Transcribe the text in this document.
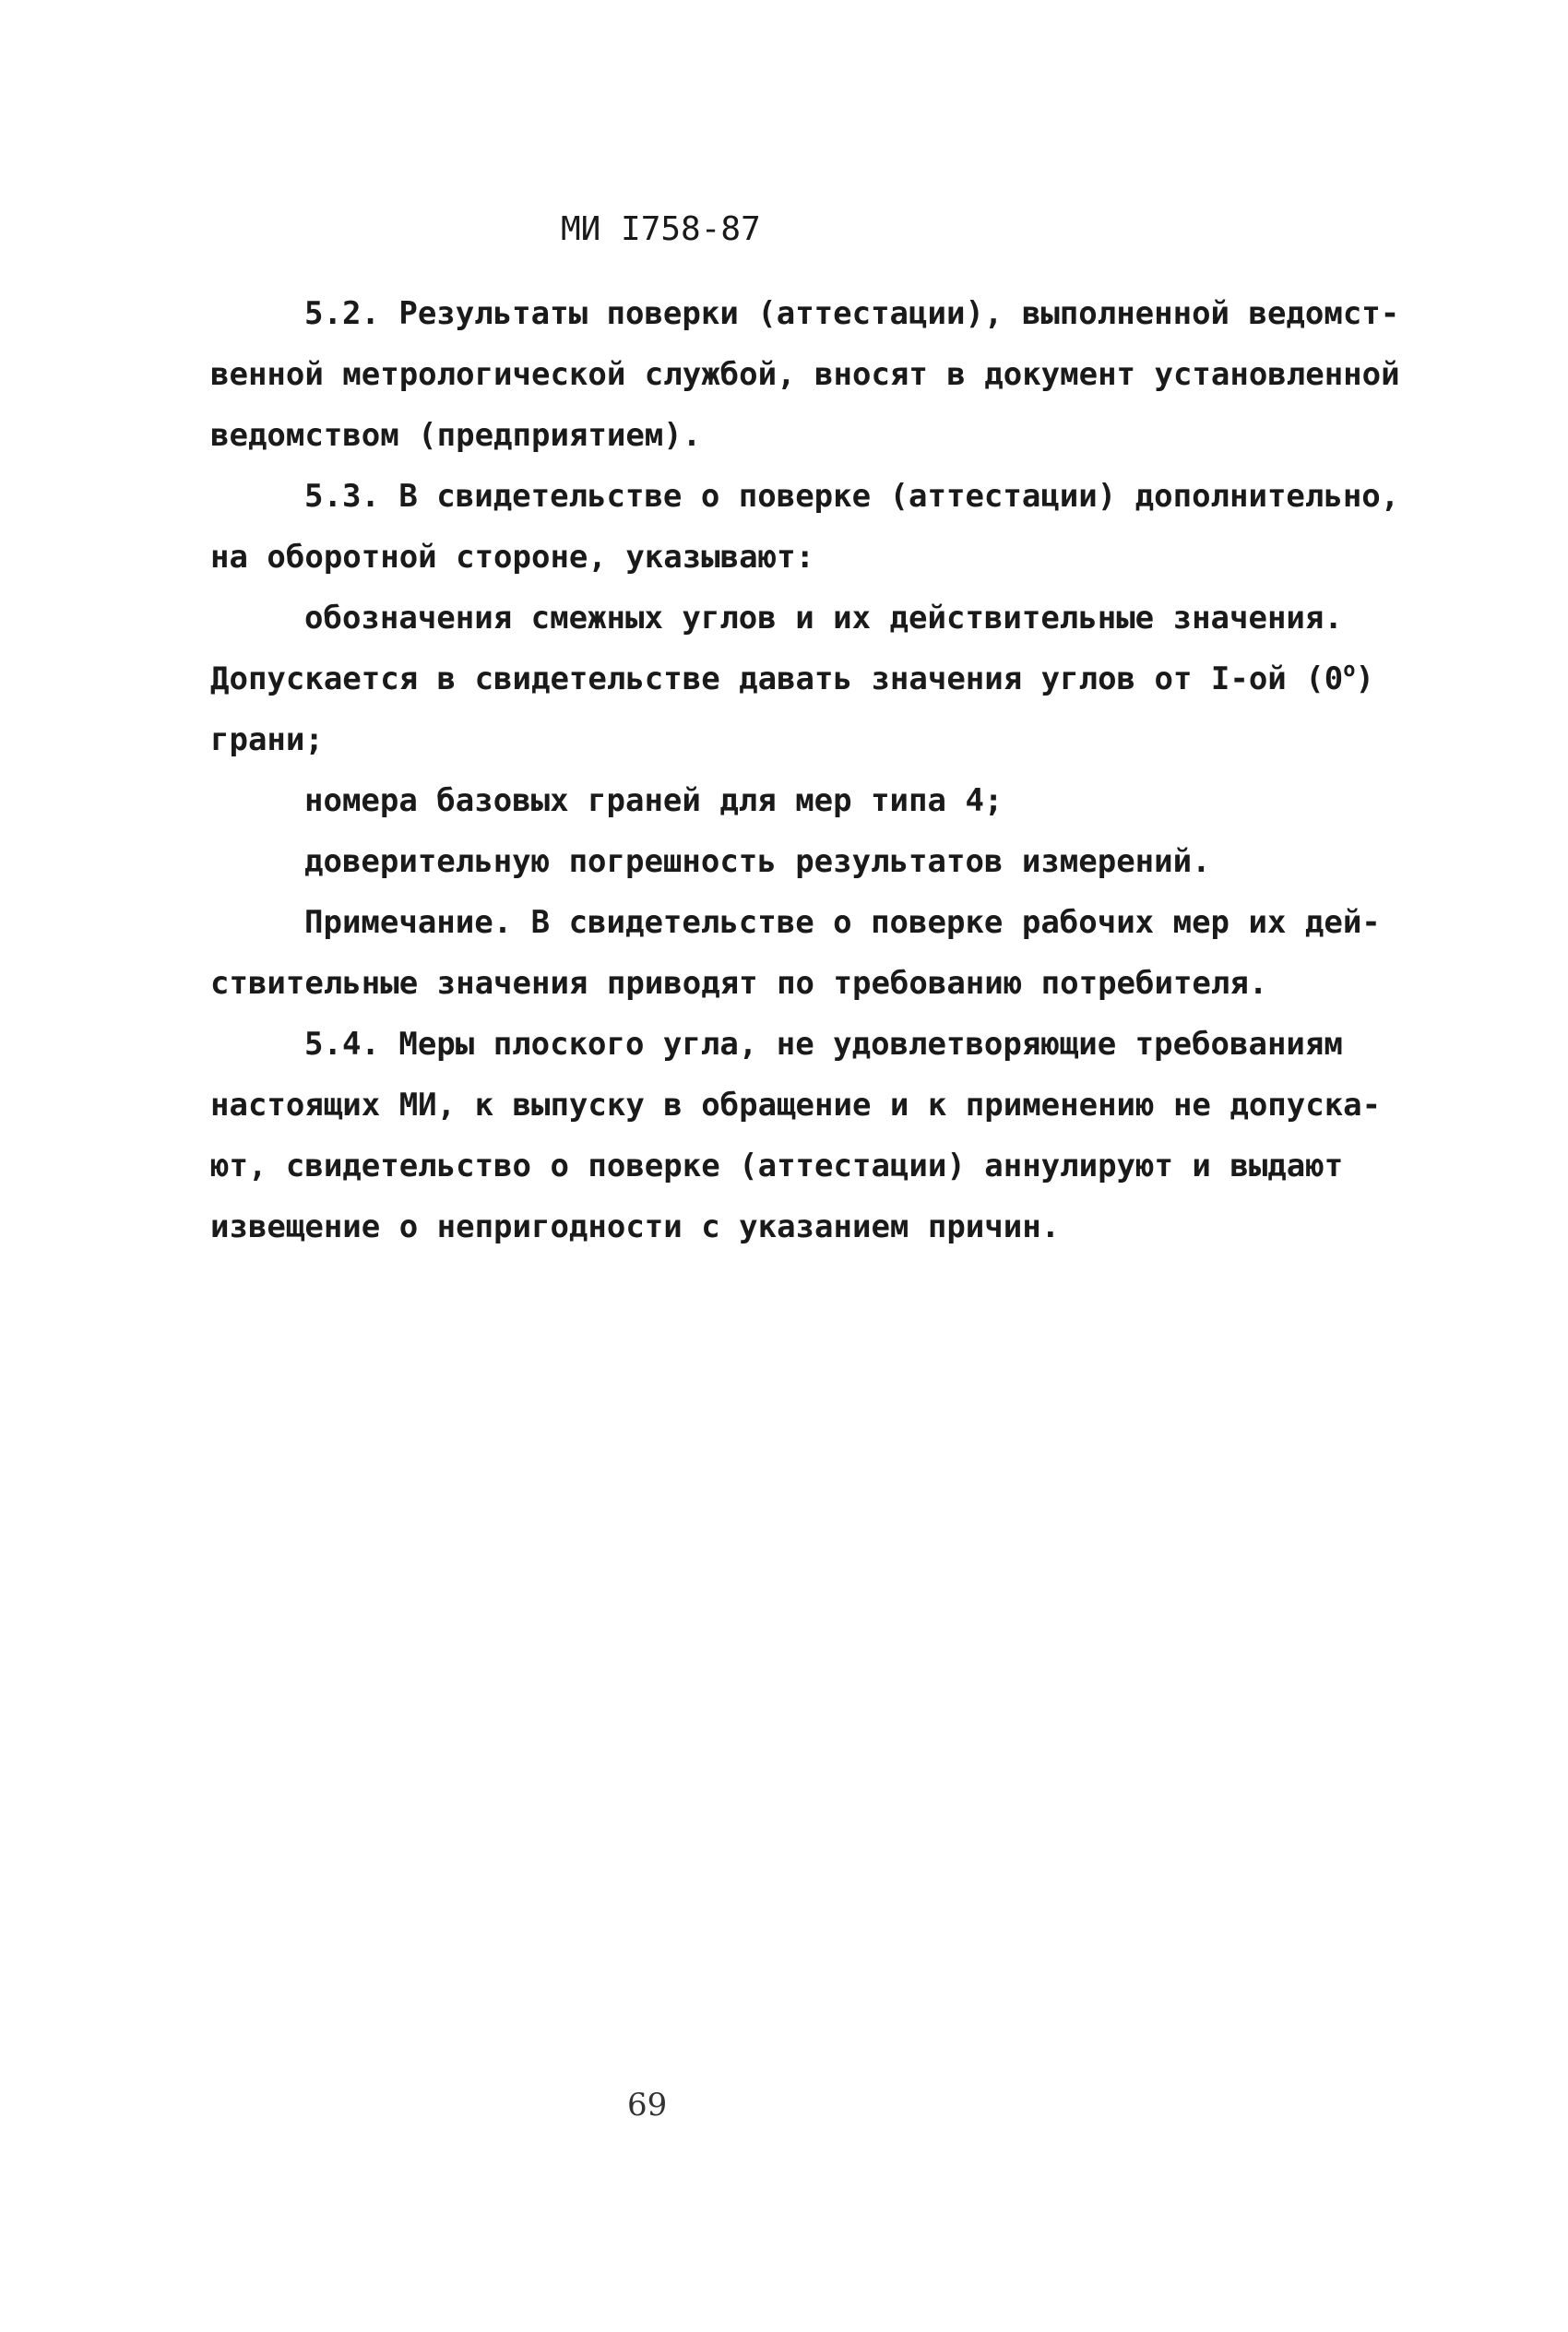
МИ I758-87
5.2. Результаты поверки (аттестации), выполненной ведомст-
венной метрологической службой, вносят в документ установленной
ведомством (предприятием).
5.3. В свидетельстве о поверке (аттестации) дополнительно,
на оборотной стороне, указывают:
обозначения смежных углов и их действительные значения.
Допускается в свидетельстве давать значения углов от I-ой (0$^o$)
грани;
номера базовых граней для мер типа 4;
доверительную погрешность результатов измерений.
Примечание. В свидетельстве о поверке рабочих мер их дей-
ствительные значения приводят по требованию потребителя.
5.4. Меры плоского угла, не удовлетворяющие требованиям
настоящих МИ, к выпуску в обращение и к применению не допуска-
ют, свидетельство о поверке (аттестации) аннулируют и выдают
извещение о непригодности с указанием причин.
69
